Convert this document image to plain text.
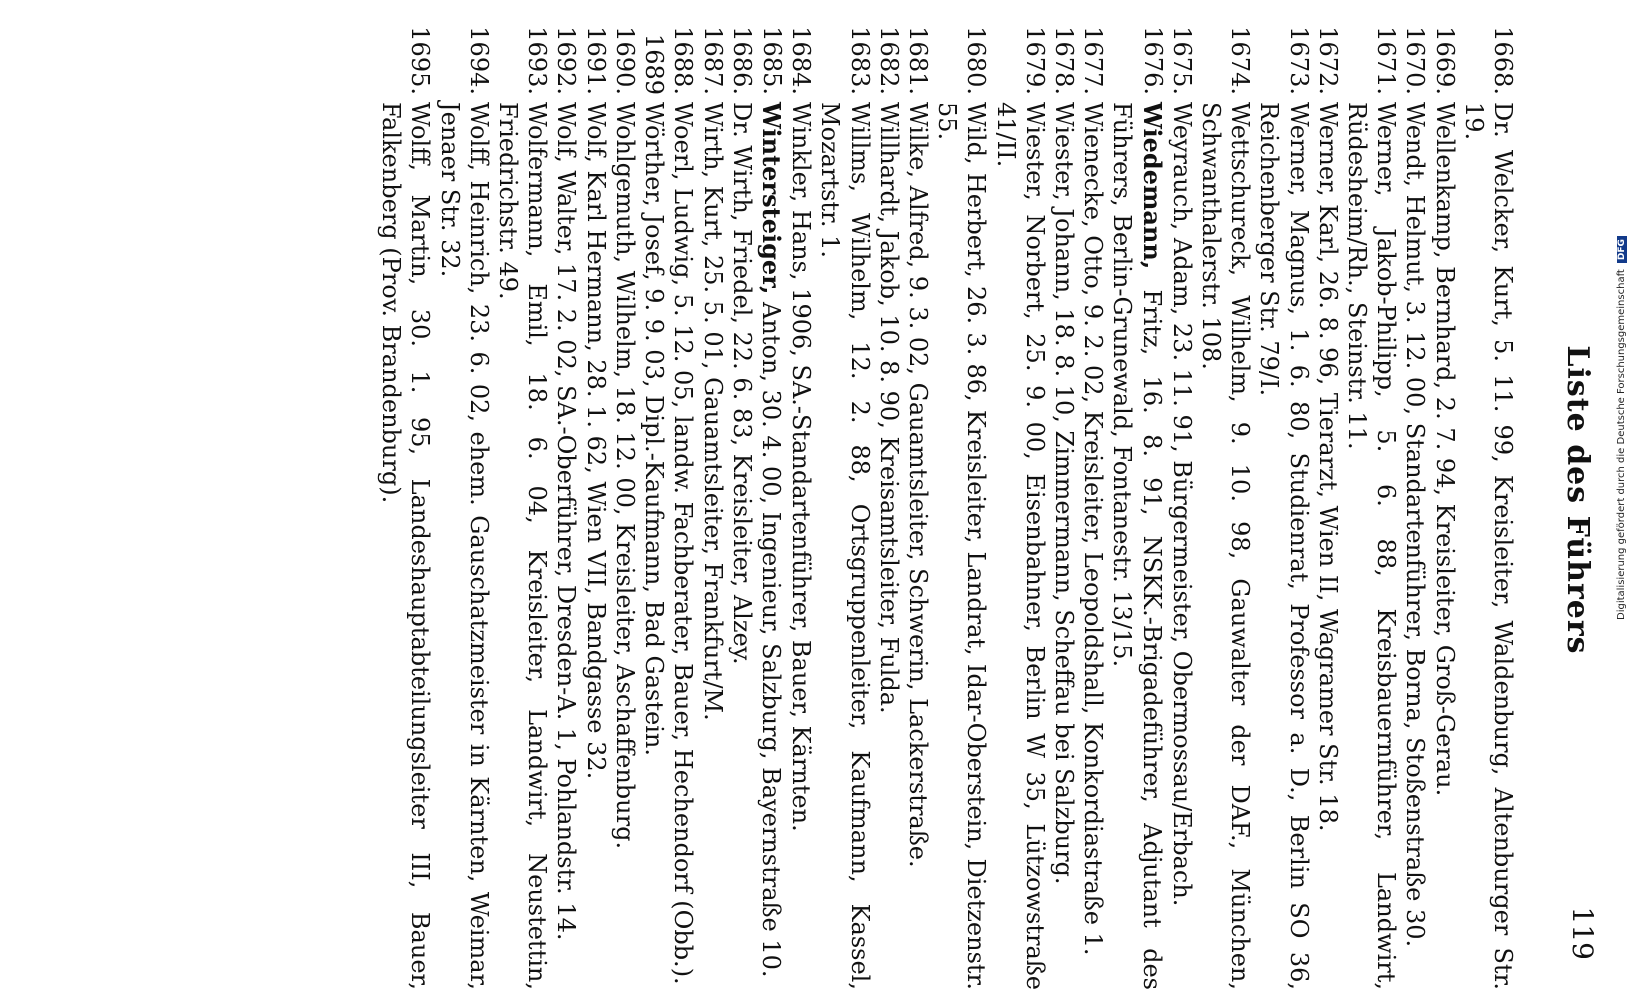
Liste des Führers
119
1668.
Dr. Welcker, Kurt, 5. 11. 99, Kreisleiter, Waldenburg, Altenburger Str. 19.
1669.
Wellenkamp, Bernhard, 2. 7. 94, Kreisleiter, Groß-Gerau.
1670.
Wendt, Helmut, 3. 12. 00, Standartenführer, Borna, Stoßenstraße 30.
1671.
Werner, Jakob-Philipp, 5. 6. 88, Kreisbauernführer, Landwirt, Rüdesheim/Rh., Steinstr. 11.
1672.
Werner, Karl, 26. 8. 96, Tierarzt, Wien II, Wagramer Str. 18.
1673.
Werner, Magnus, 1. 6. 80, Studienrat, Professor a. D., Berlin SO 36, Reichenberger Str. 79/I.
1674.
Wettschureck, Wilhelm, 9. 10. 98, Gauwalter der DAF., München, Schwanthalerstr. 108.
1675.
Weyrauch, Adam, 23. 11. 91, Bürgermeister, Obermossau/Erbach.
1676.
Wiedemann, Fritz, 16. 8. 91, NSKK.-Brigadeführer, Adjutant des Führers, Berlin-Grunewald, Fontanestr. 13/15.
1677.
Wienecke, Otto, 9. 2. 02, Kreisleiter, Leopoldshall, Konkordiastraße 1.
1678.
Wiester, Johann, 18. 8. 10, Zimmermann, Scheffau bei Salzburg.
1679.
Wiester, Norbert, 25. 9. 00, Eisenbahner, Berlin W 35, Lützowstraße 41/II.
1680.
Wild, Herbert, 26. 3. 86, Kreisleiter, Landrat, Idar-Oberstein, Dietzenstr. 55.
1681.
Wilke, Alfred, 9. 3. 02, Gauamtsleiter, Schwerin, Lackerstraße.
1682.
Willhardt, Jakob, 10. 8. 90, Kreisamtsleiter, Fulda.
1683.
Willms, Wilhelm, 12. 2. 88, Ortsgruppenleiter, Kaufmann, Kassel, Mozartstr. 1.
1684.
Winkler, Hans, 1906, SA.-Standartenführer, Bauer, Kärnten.
1685.
Wintersteiger, Anton, 30. 4. 00, Ingenieur, Salzburg, Bayernstraße 10.
1686.
Dr. Wirth, Friedel, 22. 6. 83, Kreisleiter, Alzey.
1687.
Wirth, Kurt, 25. 5. 01, Gauamtsleiter, Frankfurt/M.
1688.
Woerl, Ludwig, 5. 12. 05, landw. Fachberater, Bauer, Hechendorf (Obb.).
1689
Wörther, Josef, 9. 9. 03, Dipl.-Kaufmann, Bad Gastein.
1690.
Wohlgemuth, Wilhelm, 18. 12. 00, Kreisleiter, Aschaffenburg.
1691.
Wolf, Karl Hermann, 28. 1. 62, Wien VII, Bandgasse 32.
1692.
Wolf, Walter, 17. 2. 02, SA.-Oberführer, Dresden-A. 1, Pohlandstr. 14.
1693.
Wolfermann, Emil, 18. 6. 04, Kreisleiter, Landwirt, Neustettin, Friedrichstr. 49.
1694.
Wolff, Heinrich, 23. 6. 02, ehem. Gauschatzmeister in Kärnten, Weimar, Jenaer Str. 32.
1695.
Wolff, Martin, 30. 1. 95, Landeshauptabteilungsleiter III, Bauer, Falkenberg (Prov. Brandenburg).	Digitalisierung gefördert durch die Deutsche ForschungsgemeinschaftDFG
